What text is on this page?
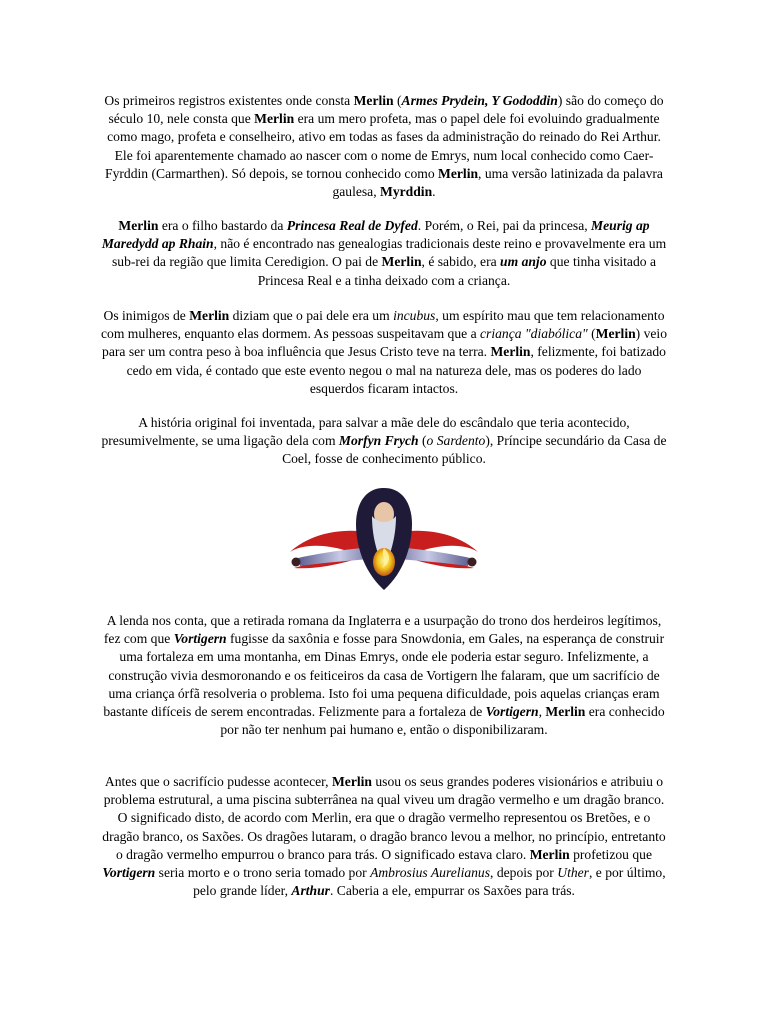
Os primeiros registros existentes onde consta Merlin (Armes Prydein, Y Gododdin) são do começo do século 10, nele consta que Merlin era um mero profeta, mas o papel dele foi evoluindo gradualmente como mago, profeta e conselheiro, ativo em todas as fases da administração do reinado do Rei Arthur. Ele foi aparentemente chamado ao nascer com o nome de Emrys, num local conhecido como Caer-Fyrddin (Carmarthen). Só depois, se tornou conhecido como Merlin, uma versão latinizada da palavra gaulesa, Myrddin.

Merlin era o filho bastardo da Princesa Real de Dyfed. Porém, o Rei, pai da princesa, Meurig ap Maredydd ap Rhain, não é encontrado nas genealogias tradicionais deste reino e provavelmente era um sub-rei da região que limita Ceredigion. O pai de Merlin, é sabido, era um anjo que tinha visitado a Princesa Real e a tinha deixado com a criança.

Os inimigos de Merlin diziam que o pai dele era um incubus, um espírito mau que tem relacionamento com mulheres, enquanto elas dormem. As pessoas suspeitavam que a criança "diabólica" (Merlin) veio para ser um contra peso à boa influência que Jesus Cristo teve na terra. Merlin, felizmente, foi batizado cedo em vida, é contado que este evento negou o mal na natureza dele, mas os poderes do lado esquerdos ficaram intactos.

A história original foi inventada, para salvar a mãe dele do escândalo que teria acontecido, presumivelmente, se uma ligação dela com Morfyn Frych (o Sardento), Príncipe secundário da Casa de Coel, fosse de conhecimento público.

A lenda nos conta, que a retirada romana da Inglaterra e a usurpação do trono dos herdeiros legítimos, fez com que Vortigern fugisse da saxônia e fosse para Snowdonia, em Gales, na esperança de construir uma fortaleza em uma montanha, em Dinas Emrys, onde ele poderia estar seguro. Infelizmente, a construção vivia desmoronando e os feiticeiros da casa de Vortigern lhe falaram, que um sacrifício de uma criança órfã resolveria o problema. Isto foi uma pequena dificuldade, pois aquelas crianças eram bastante difíceis de serem encontradas. Felizmente para a fortaleza de Vortigern, Merlin era conhecido por não ter nenhum pai humano e, então o disponibilizaram.

Antes que o sacrifício pudesse acontecer, Merlin usou os seus grandes poderes visionários e atribuiu o problema estrutural, a uma piscina subterrânea na qual viveu um dragão vermelho e um dragão branco. O significado disto, de acordo com Merlin, era que o dragão vermelho representou os Bretões, e o dragão branco, os Saxões. Os dragões lutaram, o dragão branco levou a melhor, no princípio, entretanto o dragão vermelho empurrou o branco para trás. O significado estava claro. Merlin profetizou que Vortigern seria morto e o trono seria tomado por Ambrosius Aurelianus, depois por Uther, e por último, pelo grande líder, Arthur. Caberia a ele, empurrar os Saxões para trás.
